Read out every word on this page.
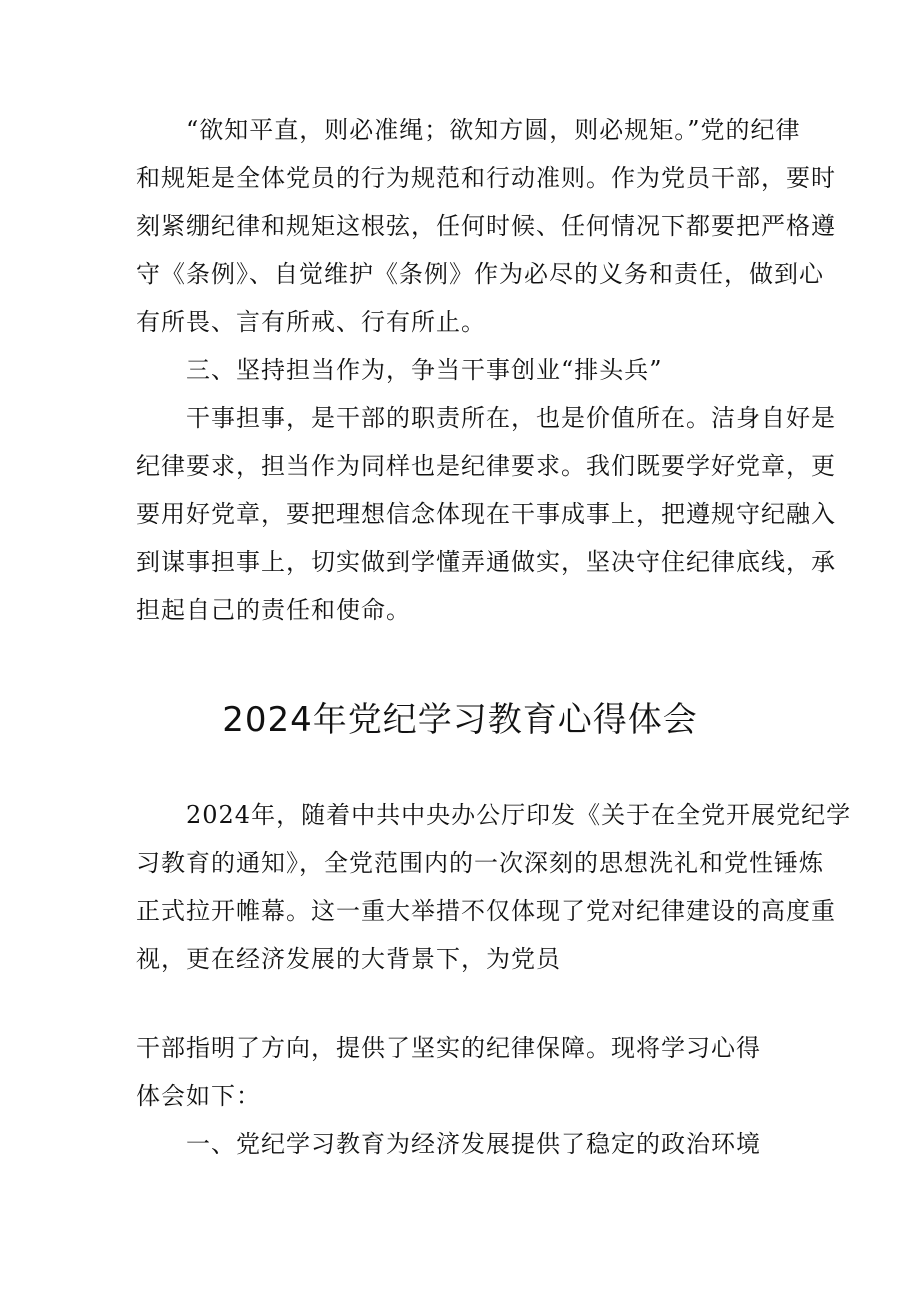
“欲知平直，则必准绳；欲知方圆，则必规矩。”党的纪律
和规矩是全体党员的行为规范和行动准则。作为党员干部，要时
刻紧绷纪律和规矩这根弦，任何时候、任何情况下都要把严格遵
守《条例》、自觉维护《条例》作为必尽的义务和责任，做到心
有所畏、言有所戒、行有所止。
三、坚持担当作为，争当干事创业“排头兵”
干事担事，是干部的职责所在，也是价值所在。洁身自好是
纪律要求，担当作为同样也是纪律要求。我们既要学好党章，更
要用好党章，要把理想信念体现在干事成事上，把遵规守纪融入
到谋事担事上，切实做到学懂弄通做实，坚决守住纪律底线，承
担起自己的责任和使命。
2024年党纪学习教育心得体会
2024年，随着中共中央办公厅印发《关于在全党开展党纪学
习教育的通知》，全党范围内的一次深刻的思想洗礼和党性锤炼
正式拉开帷幕。这一重大举措不仅体现了党对纪律建设的高度重
视，更在经济发展的大背景下，为党员
干部指明了方向，提供了坚实的纪律保障。现将学习心得
体会如下：
一、党纪学习教育为经济发展提供了稳定的政治环境
